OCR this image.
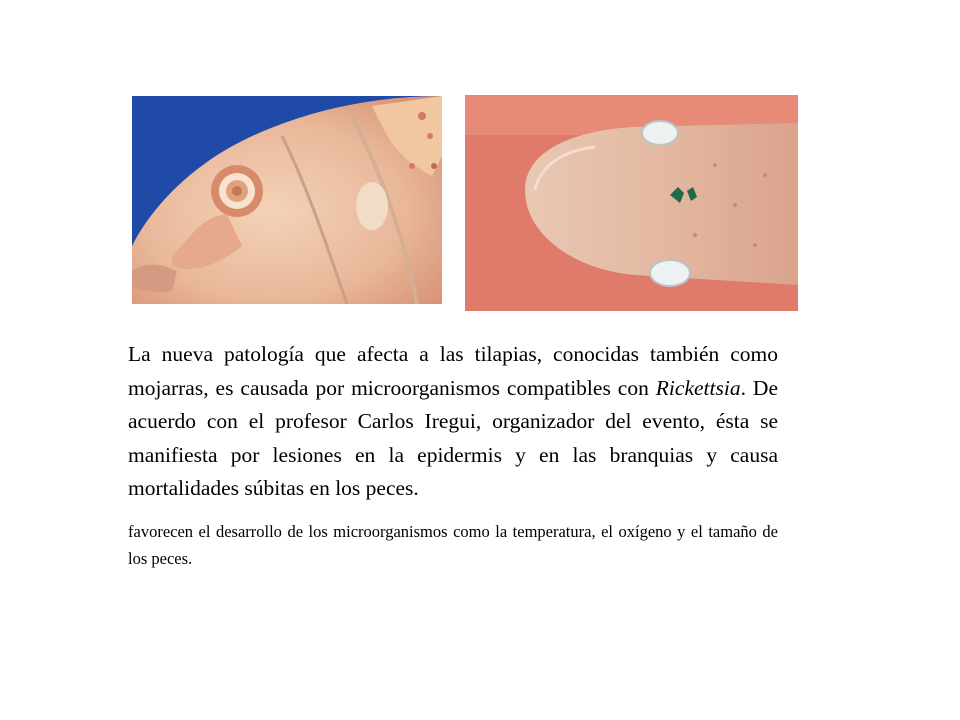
La nueva patología que afecta a las tilapias, conocidas también como mojarras, es causada por microorganismos compatibles con Rickettsia. De acuerdo con el profesor Carlos Iregui, organizador del evento, ésta se manifiesta por lesiones en la epidermis y en las branquias y causa mortalidades súbitas en los peces.

favorecen el desarrollo de los microorganismos como la temperatura, el oxígeno y el tamaño de los peces.
